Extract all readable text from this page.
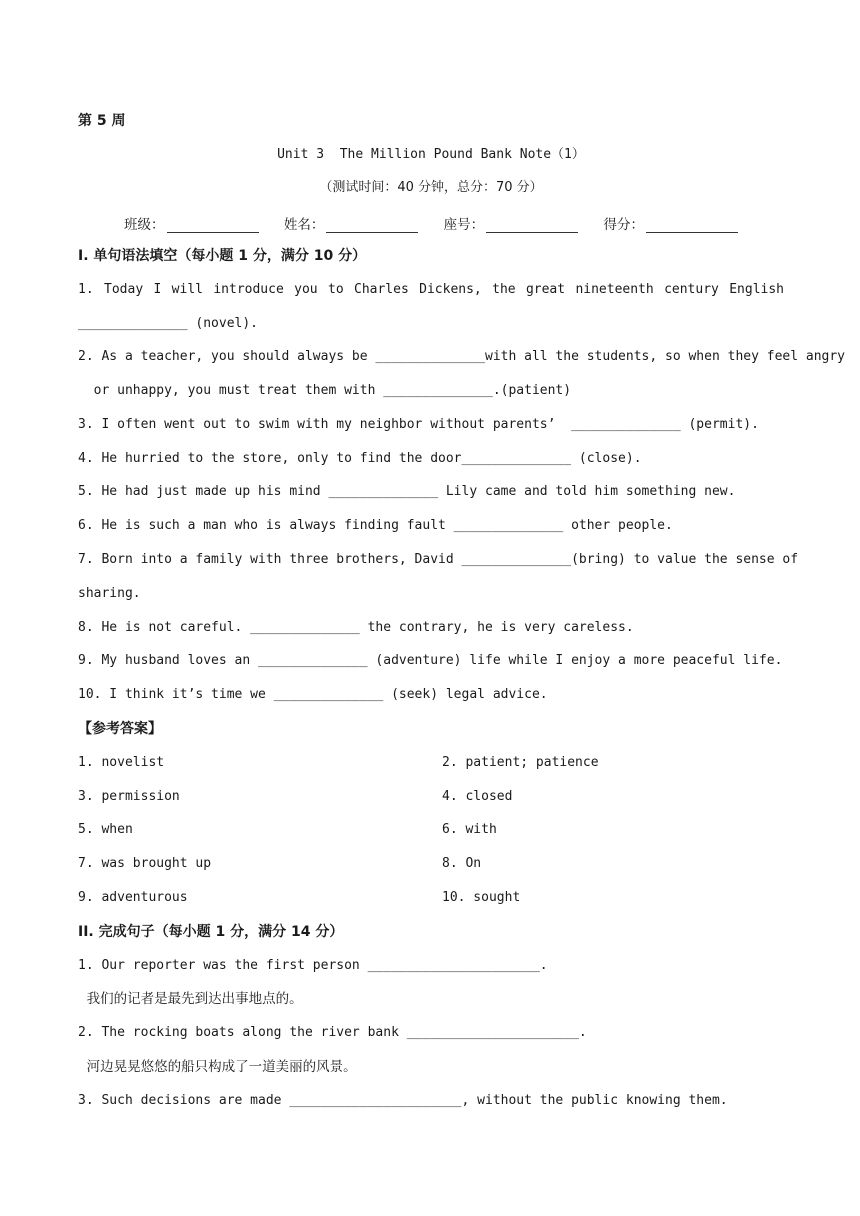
第 5 周
Unit 3  The Million Pound Bank Note（1）
（测试时间：40 分钟，总分：70 分）
班级：	姓名：	座号：	得分：
I. 单句语法填空（每小题 1 分，满分 10 分）
1. Today I will introduce you to Charles Dickens, the great nineteenth century English
______________ (novel).
2. As a teacher, you should always be ______________with all the students, so when they feel angry
or unhappy, you must treat them with ______________.(patient)
3. I often went out to swim with my neighbor without parents’  ______________ (permit).
4. He hurried to the store, only to find the door______________ (close).
5. He had just made up his mind ______________ Lily came and told him something new.
6. He is such a man who is always finding fault ______________ other people.
7. Born into a family with three brothers, David ______________(bring) to value the sense of
sharing.
8. He is not careful. ______________ the contrary, he is very careless.
9. My husband loves an ______________ (adventure) life while I enjoy a more peaceful life.
10. I think it’s time we ______________ (seek) legal advice.
【参考答案】
1. novelist	2. patient; patience
3. permission	4. closed
5. when	6. with
7. was brought up	8. On
9. adventurous	10. sought
II. 完成句子（每小题 1 分，满分 14 分）
1. Our reporter was the first person ______________________.
我们的记者是最先到达出事地点的。
2. The rocking boats along the river bank ______________________.
河边晃晃悠悠的船只构成了一道美丽的风景。
3. Such decisions are made ______________________, without the public knowing them.
